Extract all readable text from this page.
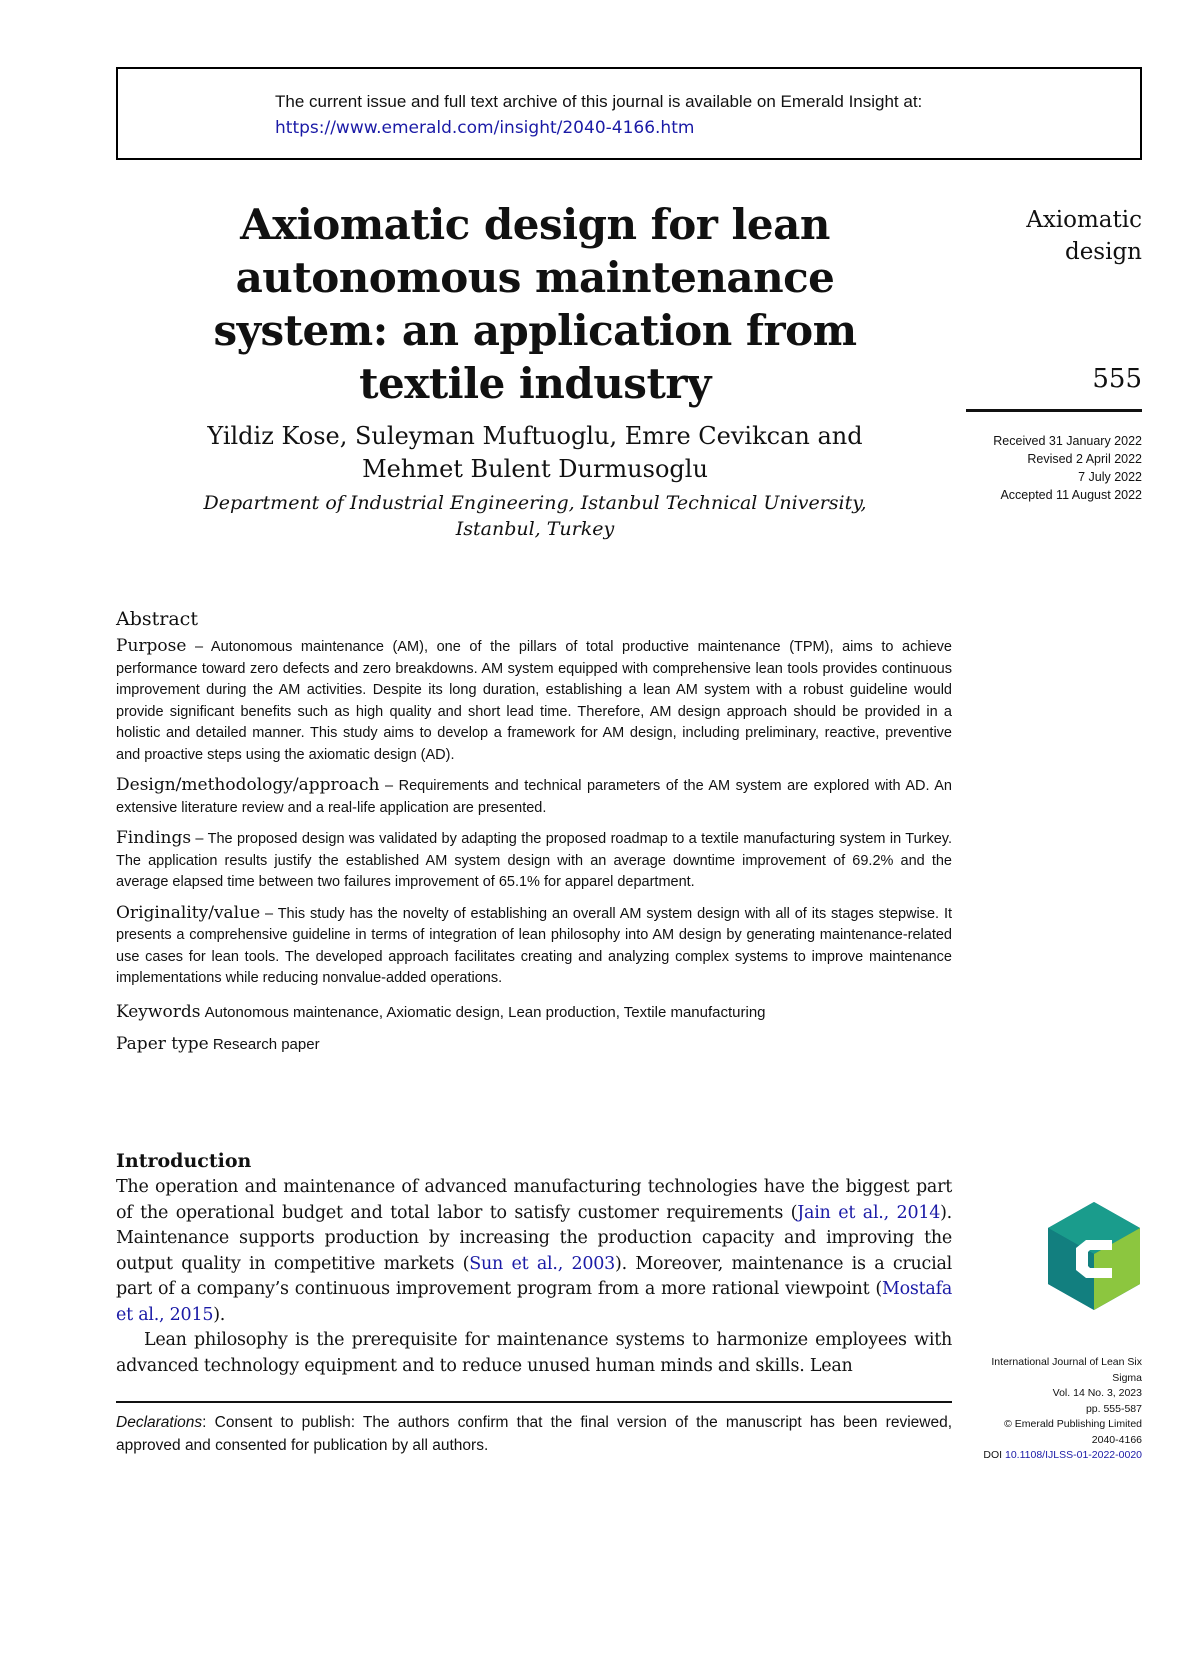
The current issue and full text archive of this journal is available on Emerald Insight at:
https://www.emerald.com/insight/2040-4166.htm
Axiomatic design for lean autonomous maintenance system: an application from textile industry
Yildiz Kose, Suleyman Muftuoglu, Emre Cevikcan and
Mehmet Bulent Durmusoglu
Department of Industrial Engineering, Istanbul Technical University,
Istanbul, Turkey
Axiomatic
design
555
Received 31 January 2022
Revised 2 April 2022
7 July 2022
Accepted 11 August 2022
Abstract

Purpose – Autonomous maintenance (AM), one of the pillars of total productive maintenance (TPM), aims to achieve performance toward zero defects and zero breakdowns. AM system equipped with comprehensive lean tools provides continuous improvement during the AM activities. Despite its long duration, establishing a lean AM system with a robust guideline would provide significant benefits such as high quality and short lead time. Therefore, AM design approach should be provided in a holistic and detailed manner. This study aims to develop a framework for AM design, including preliminary, reactive, preventive and proactive steps using the axiomatic design (AD).

Design/methodology/approach – Requirements and technical parameters of the AM system are explored with AD. An extensive literature review and a real-life application are presented.

Findings – The proposed design was validated by adapting the proposed roadmap to a textile manufacturing system in Turkey. The application results justify the established AM system design with an average downtime improvement of 69.2% and the average elapsed time between two failures improvement of 65.1% for apparel department.

Originality/value – This study has the novelty of establishing an overall AM system design with all of its stages stepwise. It presents a comprehensive guideline in terms of integration of lean philosophy into AM design by generating maintenance-related use cases for lean tools. The developed approach facilitates creating and analyzing complex systems to improve maintenance implementations while reducing nonvalue-added operations.

Keywords Autonomous maintenance, Axiomatic design, Lean production, Textile manufacturing

Paper type Research paper

Introduction

The operation and maintenance of advanced manufacturing technologies have the biggest part of the operational budget and total labor to satisfy customer requirements (Jain et al., 2014). Maintenance supports production by increasing the production capacity and improving the output quality in competitive markets (Sun et al., 2003). Moreover, maintenance is a crucial part of a company’s continuous improvement program from a more rational viewpoint (Mostafa et al., 2015).

Lean philosophy is the prerequisite for maintenance systems to harmonize employees with advanced technology equipment and to reduce unused human minds and skills. Lean

Declarations: Consent to publish: The authors confirm that the final version of the manuscript has been reviewed, approved and consented for publication by all authors.
International Journal of Lean Six
Sigma
Vol. 14 No. 3, 2023
pp. 555-587
© Emerald Publishing Limited
2040-4166
DOI 10.1108/IJLSS-01-2022-0020
